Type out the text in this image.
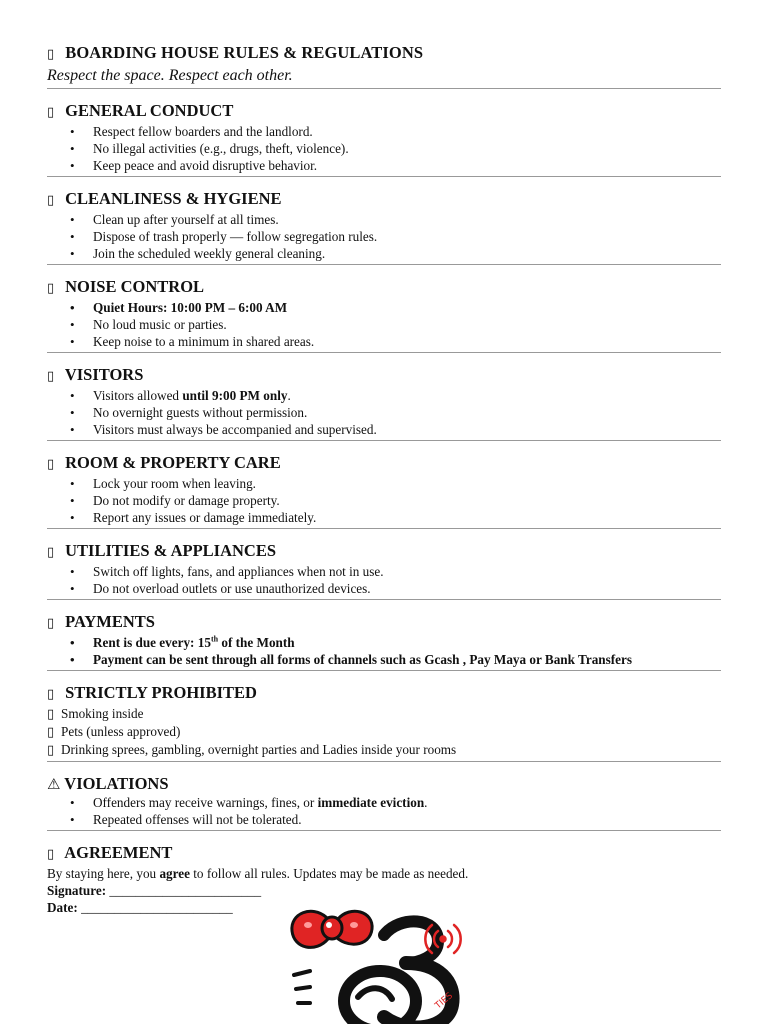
▯ BOARDING HOUSE RULES & REGULATIONS
Respect the space. Respect each other.
▯ GENERAL CONDUCT
• Respect fellow boarders and the landlord.
• No illegal activities (e.g., drugs, theft, violence).
• Keep peace and avoid disruptive behavior.
▯ CLEANLINESS & HYGIENE
• Clean up after yourself at all times.
• Dispose of trash properly — follow segregation rules.
• Join the scheduled weekly general cleaning.
▯ NOISE CONTROL
• Quiet Hours: 10:00 PM – 6:00 AM
• No loud music or parties.
• Keep noise to a minimum in shared areas.
▯ VISITORS
• Visitors allowed until 9:00 PM only.
• No overnight guests without permission.
• Visitors must always be accompanied and supervised.
▯ ROOM & PROPERTY CARE
• Lock your room when leaving.
• Do not modify or damage property.
• Report any issues or damage immediately.
▯ UTILITIES & APPLIANCES
• Switch off lights, fans, and appliances when not in use.
• Do not overload outlets or use unauthorized devices.
▯ PAYMENTS
• Rent is due every: 15th of the Month
• Payment can be sent through all forms of channels such as Gcash , Pay Maya or Bank Transfers
▯ STRICTLY PROHIBITED
▯ Smoking inside
▯ Pets (unless approved)
▯ Drinking sprees, gambling, overnight parties and Ladies inside your rooms
⚠ VIOLATIONS
• Offenders may receive warnings, fines, or immediate eviction.
• Repeated offenses will not be tolerated.
▯ AGREEMENT
By staying here, you agree to follow all rules. Updates may be made as needed.
Signature: _______________________
Date: _______________________
TIES
